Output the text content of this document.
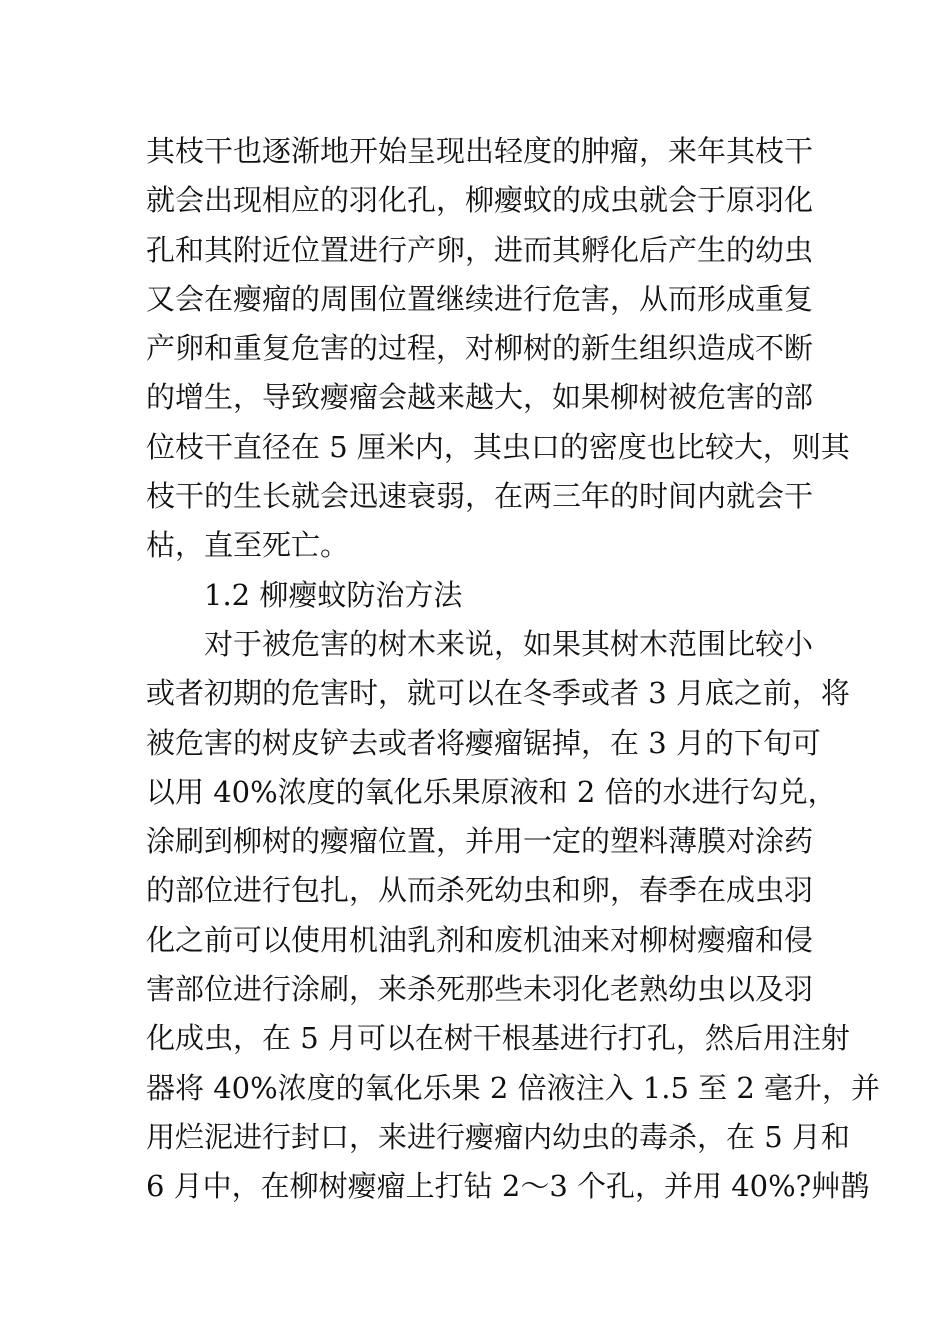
其枝干也逐渐地开始呈现出轻度的肿瘤，来年其枝干
就会出现相应的羽化孔，柳瘿蚊的成虫就会于原羽化
孔和其附近位置进行产卵，进而其孵化后产生的幼虫
又会在瘿瘤的周围位置继续进行危害，从而形成重复
产卵和重复危害的过程，对柳树的新生组织造成不断
的增生，导致瘿瘤会越来越大，如果柳树被危害的部
位枝干直径在 5 厘米内，其虫口的密度也比较大，则其
枝干的生长就会迅速衰弱，在两三年的时间内就会干
枯，直至死亡。
1.2 柳瘿蚊防治方法
对于被危害的树木来说，如果其树木范围比较小
或者初期的危害时，就可以在冬季或者 3 月底之前，将
被危害的树皮铲去或者将瘿瘤锯掉，在 3 月的下旬可
以用 40%浓度的氧化乐果原液和 2 倍的水进行勾兑，
涂刷到柳树的瘿瘤位置，并用一定的塑料薄膜对涂药
的部位进行包扎，从而杀死幼虫和卵，春季在成虫羽
化之前可以使用机油乳剂和废机油来对柳树瘿瘤和侵
害部位进行涂刷，来杀死那些未羽化老熟幼虫以及羽
化成虫，在 5 月可以在树干根基进行打孔，然后用注射
器将 40%浓度的氧化乐果 2 倍液注入 1.5 至 2 毫升，并
用烂泥进行封口，来进行瘿瘤内幼虫的毒杀，在 5 月和
6 月中，在柳树瘿瘤上打钻 2～3 个孔，并用 40%?艸鹊
